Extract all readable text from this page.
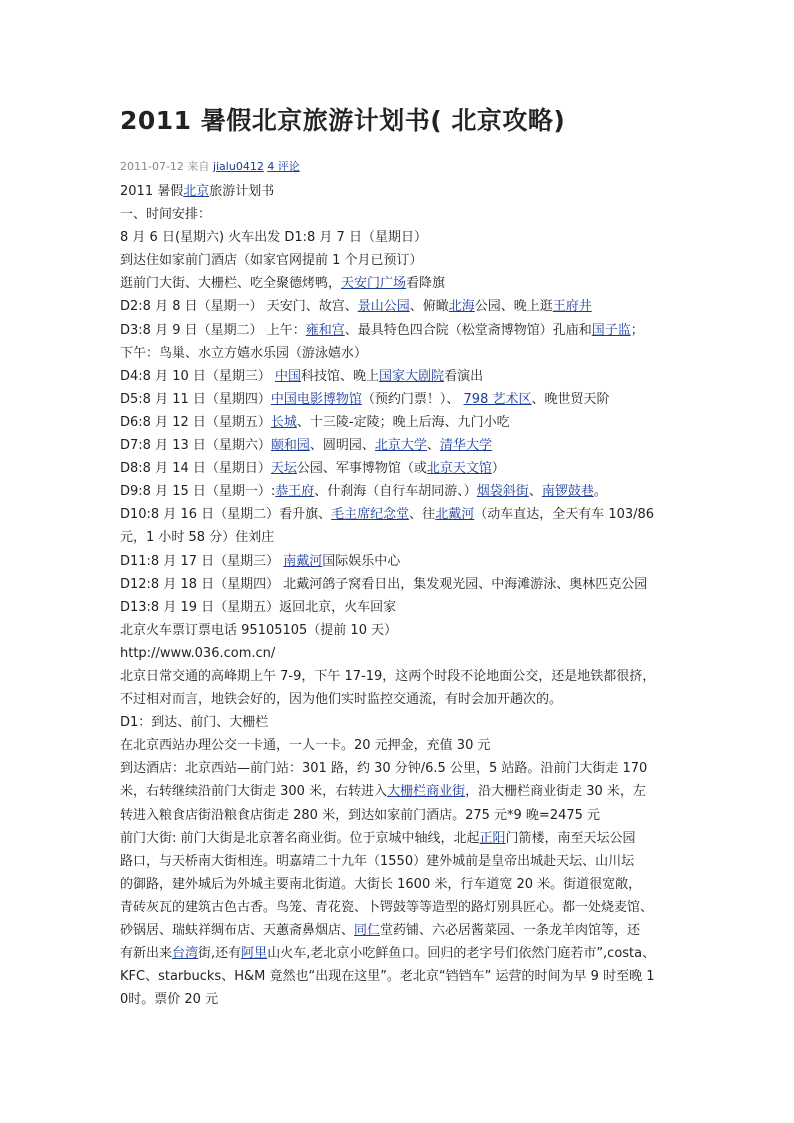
2011 暑假北京旅游计划书( 北京攻略)
2011-07-12 来自 jialu0412 4 评论
2011 暑假北京旅游计划书
一、时间安排：
8 月 6 日(星期六) 火车出发 D1:8 月 7 日（星期日）
到达住如家前门酒店（如家官网提前 1 个月已预订）
逛前门大街、大栅栏、吃全聚德烤鸭，天安门广场看降旗
D2:8 月 8 日（星期一） 天安门、故宫、景山公园、俯瞰北海公园、晚上逛王府井
D3:8 月 9 日（星期二） 上午：雍和宫、最具特色四合院（松堂斋博物馆）孔庙和国子监；
下午：鸟巢、水立方嬉水乐园（游泳嬉水）
D4:8 月 10 日（星期三） 中国科技馆、晚上国家大剧院看演出
D5:8 月 11 日（星期四）中国电影博物馆（预约门票！）、 798 艺术区、晚世贸天阶
D6:8 月 12 日（星期五）长城、十三陵-定陵；晚上后海、九门小吃
D7:8 月 13 日（星期六）颐和园、圆明园、北京大学、清华大学
D8:8 月 14 日（星期日）天坛公园、军事博物馆（或北京天文馆）
D9:8 月 15 日（星期一）:恭王府、什刹海（自行车胡同游、）烟袋斜街、南锣鼓巷。
D10:8 月 16 日（星期二）看升旗、毛主席纪念堂、往北戴河（动车直达，全天有车 103/86
元，1 小时 58 分）住刘庄
D11:8 月 17 日（星期三） 南戴河国际娱乐中心
D12:8 月 18 日（星期四） 北戴河鸽子窝看日出，集发观光园、中海滩游泳、奥林匹克公园
D13:8 月 19 日（星期五）返回北京，火车回家
北京火车票订票电话 95105105（提前 10 天）
http://www.036.com.cn/
北京日常交通的高峰期上午 7-9，下午 17-19，这两个时段不论地面公交，还是地铁都很挤，
不过相对而言，地铁会好的，因为他们实时监控交通流，有时会加开趟次的。
D1：到达、前门、大栅栏
在北京西站办理公交一卡通，一人一卡。20 元押金，充值 30 元
到达酒店：北京西站—前门站：301 路，约 30 分钟/6.5 公里，5 站路。沿前门大街走 170
米，右转继续沿前门大街走 300 米，右转进入大栅栏商业街，沿大栅栏商业街走 30 米，左
转进入粮食店街沿粮食店街走 280 米，到达如家前门酒店。275 元*9 晚=2475 元
前门大街: 前门大街是北京著名商业街。位于京城中轴线，北起正阳门箭楼，南至天坛公园
路口，与天桥南大街相连。明嘉靖二十九年（1550）建外城前是皇帝出城赴天坛、山川坛
的御路，建外城后为外城主要南北街道。大街长 1600 米，行车道宽 20 米。街道很宽敞，
青砖灰瓦的建筑古色古香。鸟笼、青花瓷、卜锷鼓等等造型的路灯别具匠心。都一处烧麦馆、
砂锅居、瑞蚨祥绸布店、天蕙斋鼻烟店、同仁堂药铺、六必居酱菜园、一条龙羊肉馆等，还
有新出来台湾街,还有阿里山火车,老北京小吃鲜鱼口。回归的老字号们依然门庭若市”,costa、
KFC、starbucks、H&M 竟然也“出现在这里”。老北京“铛铛车” 运营的时间为早 9 时至晚 1
0时。票价 20 元
